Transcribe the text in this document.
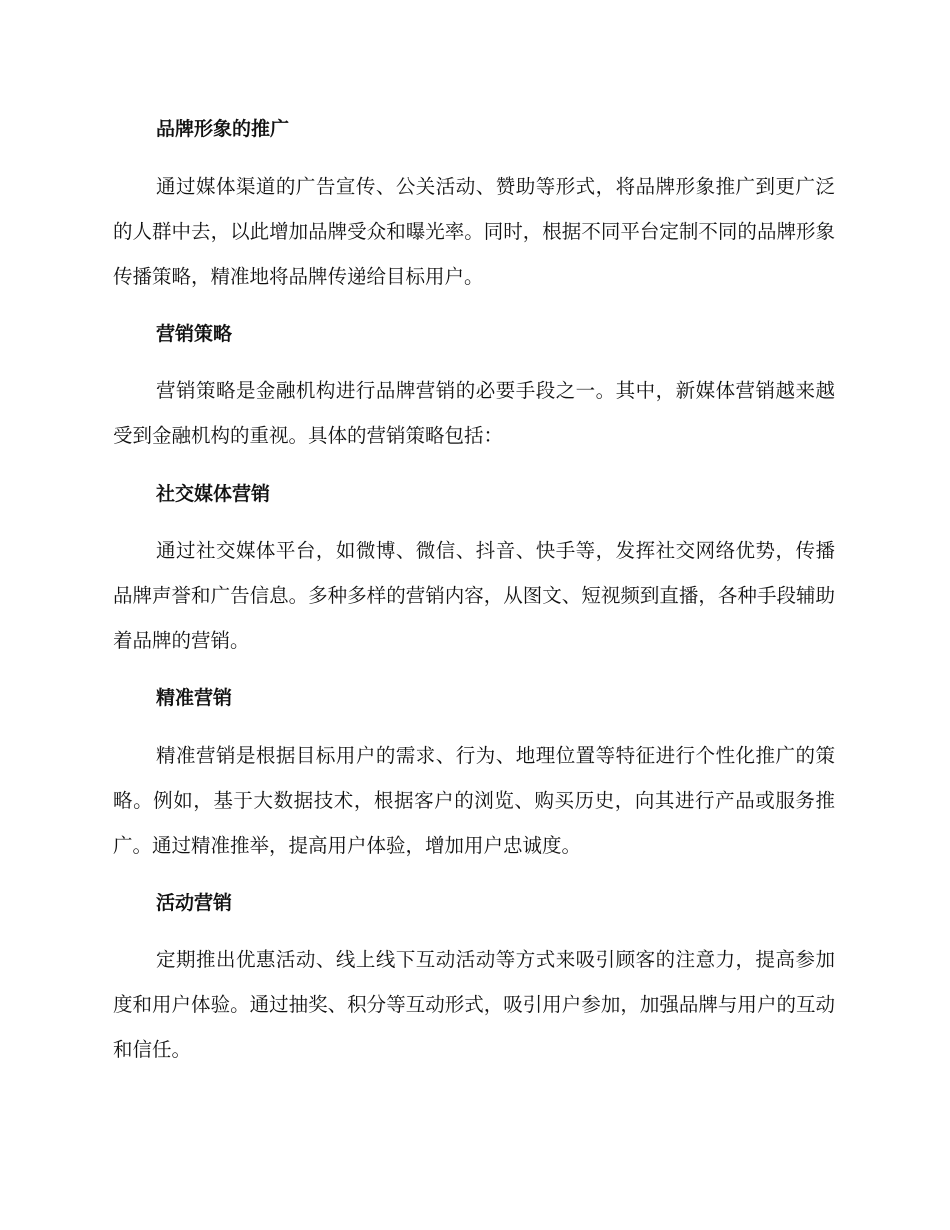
品牌形象的推广
通过媒体渠道的广告宣传、公关活动、赞助等形式，将品牌形象推广到更广泛的人群中去，以此增加品牌受众和曝光率。同时，根据不同平台定制不同的品牌形象传播策略，精准地将品牌传递给目标用户。
营销策略
营销策略是金融机构进行品牌营销的必要手段之一。其中，新媒体营销越来越受到金融机构的重视。具体的营销策略包括：
社交媒体营销
通过社交媒体平台，如微博、微信、抖音、快手等，发挥社交网络优势，传播品牌声誉和广告信息。多种多样的营销内容，从图文、短视频到直播，各种手段辅助着品牌的营销。
精准营销
精准营销是根据目标用户的需求、行为、地理位置等特征进行个性化推广的策略。例如，基于大数据技术，根据客户的浏览、购买历史，向其进行产品或服务推广。通过精准推举，提高用户体验，增加用户忠诚度。
活动营销
定期推出优惠活动、线上线下互动活动等方式来吸引顾客的注意力，提高参加度和用户体验。通过抽奖、积分等互动形式，吸引用户参加，加强品牌与用户的互动和信任。
